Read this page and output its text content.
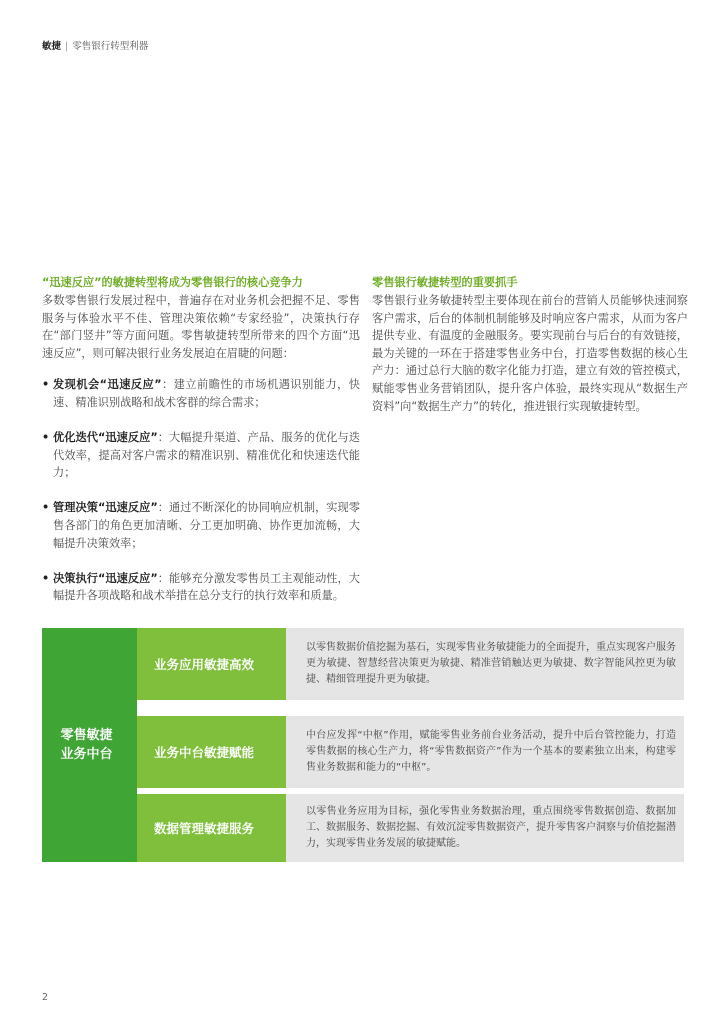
敏捷 | 零售银行转型利器

“迅速反应”的敏捷转型将成为零售银行的核心竞争力

多数零售银行发展过程中，普遍存在对业务机会把握不足、零售服务与体验水平不佳、管理决策依赖“专家经验”，决策执行存在“部门竖井”等方面问题。零售敏捷转型所带来的四个方面“迅速反应”，则可解决银行业务发展迫在眉睫的问题：

• 发现机会“迅速反应”：建立前瞻性的市场机遇识别能力，快速、精准识别战略和战术客群的综合需求；
• 优化迭代“迅速反应”：大幅提升渠道、产品、服务的优化与迭代效率，提高对客户需求的精准识别、精准优化和快速迭代能力；
• 管理决策“迅速反应”：通过不断深化的协同响应机制，实现零售各部门的角色更加清晰、分工更加明确、协作更加流畅，大幅提升决策效率；
• 决策执行“迅速反应”：能够充分激发零售员工主观能动性，大幅提升各项战略和战术举措在总分支行的执行效率和质量。

零售银行敏捷转型的重要抓手

零售银行业务敏捷转型主要体现在前台的营销人员能够快速洞察客户需求，后台的体制机制能够及时响应客户需求，从而为客户提供专业、有温度的金融服务。要实现前台与后台的有效链接，最为关键的一环在于搭建零售业务中台，打造零售数据的核心生产力：通过总行大脑的数字化能力打造，建立有效的管控模式，赋能零售业务营销团队，提升客户体验，最终实现从“数据生产资料”向“数据生产力”的转化，推进银行实现敏捷转型。

零售敏捷
业务中台
业务应用敏捷高效
以零售数据价值挖掘为基石，实现零售业务敏捷能力的全面提升，重点实现客户服务更为敏捷、智慧经营决策更为敏捷、精准营销触达更为敏捷、数字智能风控更为敏捷、精细管理提升更为敏捷。
业务中台敏捷赋能
中台应发挥“中枢”作用，赋能零售业务前台业务活动，提升中后台管控能力，打造零售数据的核心生产力，将“零售数据资产”作为一个基本的要素独立出来，构建零售业务数据和能力的“中枢”。
数据管理敏捷服务
以零售业务应用为目标，强化零售业务数据治理，重点围绕零售数据创造、数据加工、数据服务、数据挖掘、有效沉淀零售数据资产，提升零售客户洞察与价值挖掘潜力，实现零售业务发展的敏捷赋能。
2
